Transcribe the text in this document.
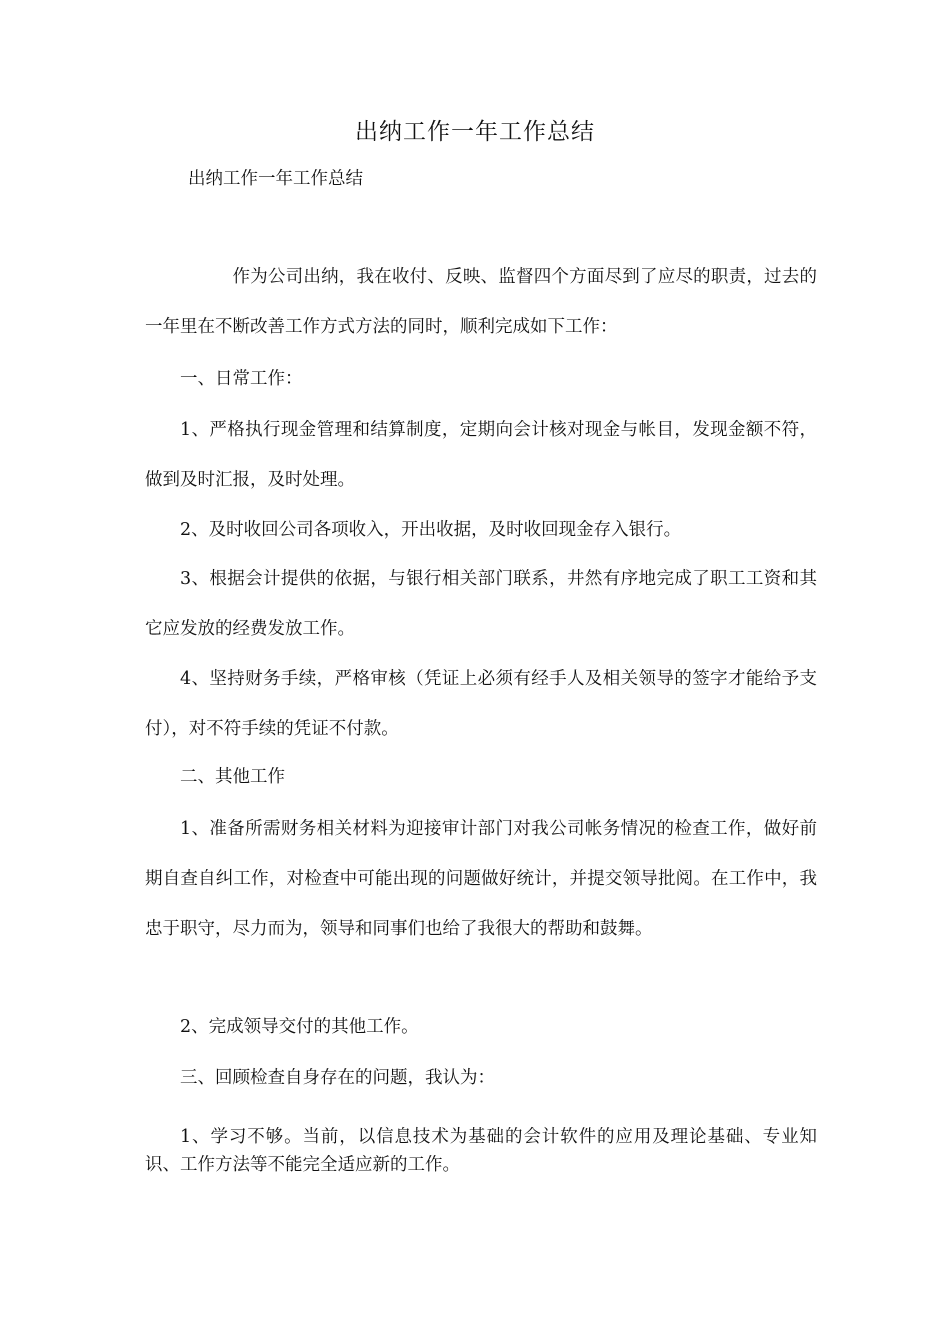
出纳工作一年工作总结
出纳工作一年工作总结

作为公司出纳，我在收付、反映、监督四个方面尽到了应尽的职责，过去的一年里在不断改善工作方式方法的同时，顺利完成如下工作：

一、日常工作：

1、严格执行现金管理和结算制度，定期向会计核对现金与帐目，发现金额不符，做到及时汇报，及时处理。

2、及时收回公司各项收入，开出收据，及时收回现金存入银行。

3、根据会计提供的依据，与银行相关部门联系，井然有序地完成了职工工资和其它应发放的经费发放工作。

4、坚持财务手续，严格审核（凭证上必须有经手人及相关领导的签字才能给予支付），对不符手续的凭证不付款。

二、其他工作

1、准备所需财务相关材料为迎接审计部门对我公司帐务情况的检查工作，做好前期自查自纠工作，对检查中可能出现的问题做好统计，并提交领导批阅。在工作中，我忠于职守，尽力而为，领导和同事们也给了我很大的帮助和鼓舞。

2、完成领导交付的其他工作。

三、回顾检查自身存在的问题，我认为：

1、学习不够。当前，以信息技术为基础的会计软件的应用及理论基础、专业知识、工作方法等不能完全适应新的工作。
